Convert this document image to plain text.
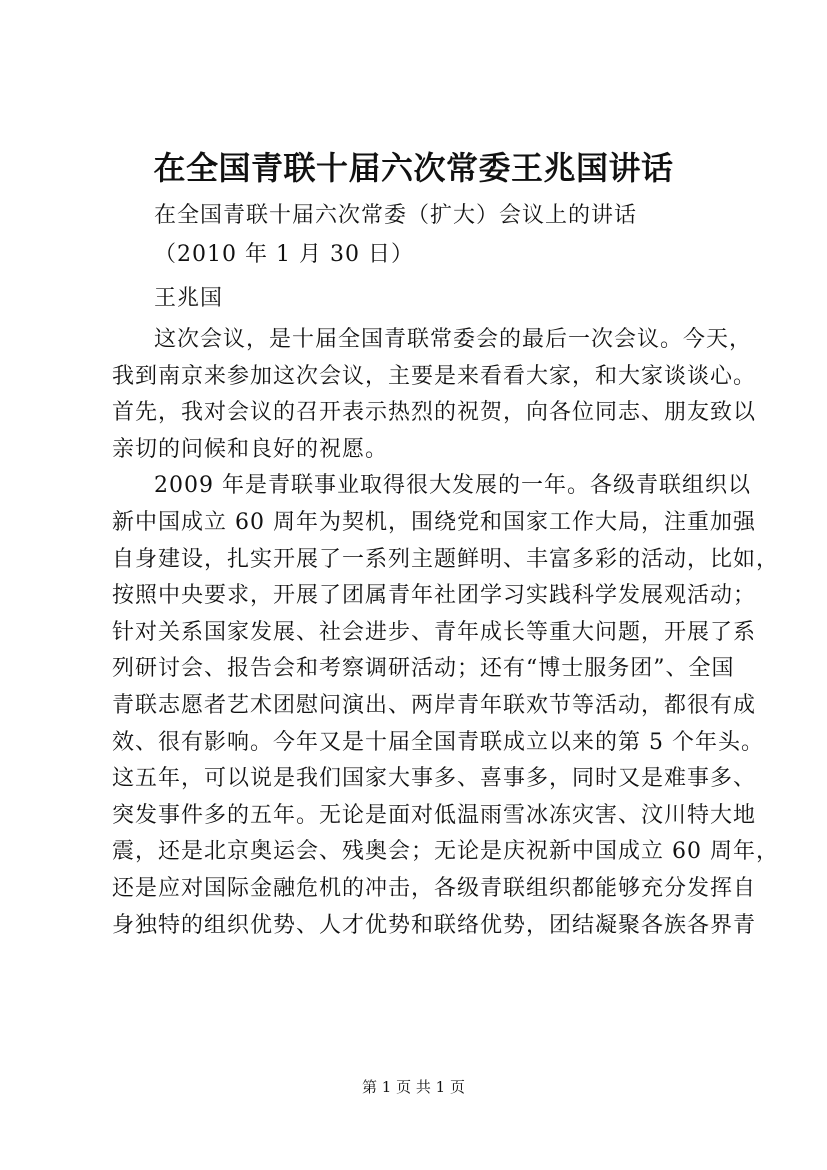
在全国青联十届六次常委王兆国讲话
在全国青联十届六次常委（扩大）会议上的讲话
（2010 年 1 月 30 日）
王兆国
这次会议，是十届全国青联常委会的最后一次会议。今天，
我到南京来参加这次会议，主要是来看看大家，和大家谈谈心。
首先，我对会议的召开表示热烈的祝贺，向各位同志、朋友致以
亲切的问候和良好的祝愿。
2009 年是青联事业取得很大发展的一年。各级青联组织以
新中国成立 60 周年为契机，围绕党和国家工作大局，注重加强
自身建设，扎实开展了一系列主题鲜明、丰富多彩的活动，比如，
按照中央要求，开展了团属青年社团学习实践科学发展观活动；
针对关系国家发展、社会进步、青年成长等重大问题，开展了系
列研讨会、报告会和考察调研活动；还有“博士服务团”、全国
青联志愿者艺术团慰问演出、两岸青年联欢节等活动，都很有成
效、很有影响。今年又是十届全国青联成立以来的第 5 个年头。
这五年，可以说是我们国家大事多、喜事多，同时又是难事多、
突发事件多的五年。无论是面对低温雨雪冰冻灾害、汶川特大地
震，还是北京奥运会、残奥会；无论是庆祝新中国成立 60 周年，
还是应对国际金融危机的冲击，各级青联组织都能够充分发挥自
身独特的组织优势、人才优势和联络优势，团结凝聚各族各界青
第 1 页 共 1 页
